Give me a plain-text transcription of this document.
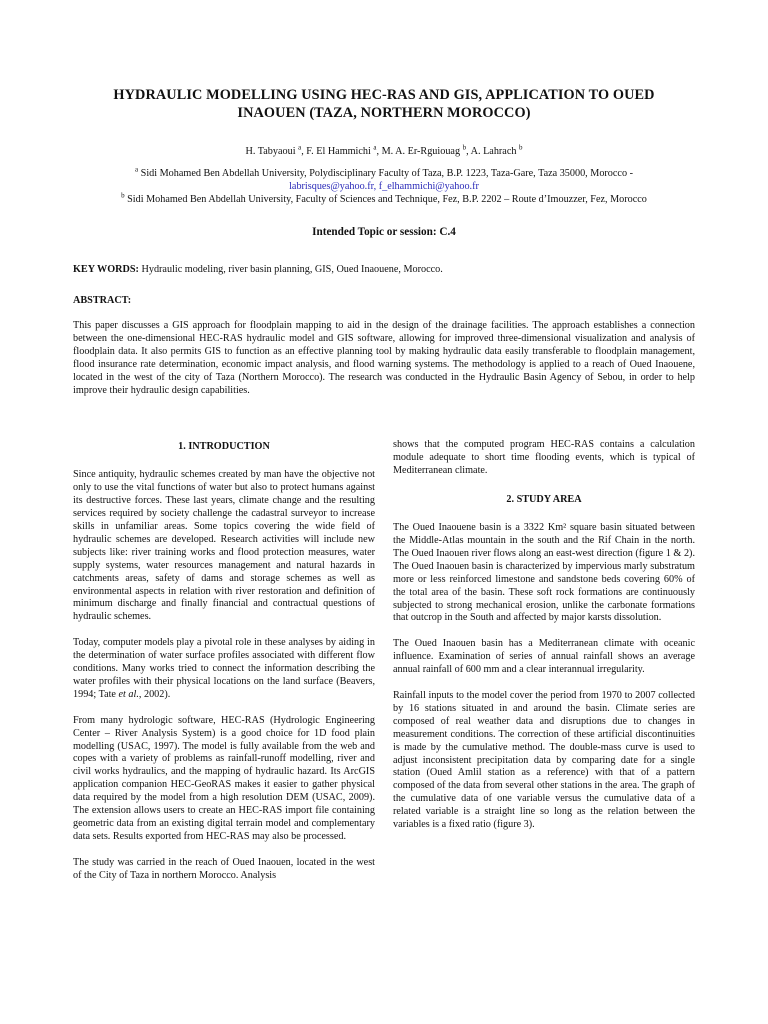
HYDRAULIC MODELLING USING HEC-RAS AND GIS, APPLICATION TO OUED INAOUEN (TAZA, NORTHERN MOROCCO)
H. Tabyaoui $^a$, F. El Hammichi $^a$, M. A. Er-Rguiouag $^b$, A. Lahrach $^b$
$^a$ Sidi Mohamed Ben Abdellah University, Polydisciplinary Faculty of Taza, B.P. 1223, Taza-Gare, Taza 35000, Morocco -
labrisques@yahoo.fr, f_elhammichi@yahoo.fr
$^b$ Sidi Mohamed Ben Abdellah University, Faculty of Sciences and Technique, Fez, B.P. 2202 – Route d’Imouzzer, Fez, Morocco
Intended Topic or session: C.4
KEY WORDS: Hydraulic modeling, river basin planning, GIS, Oued Inaouene, Morocco.
ABSTRACT:
This paper discusses a GIS approach for floodplain mapping to aid in the design of the drainage facilities. The approach establishes a connection between the one-dimensional HEC-RAS hydraulic model and GIS software, allowing for improved three-dimensional visualization and analysis of floodplain data. It also permits GIS to function as an effective planning tool by making hydraulic data easily transferable to floodplain management, flood insurance rate determination, economic impact analysis, and flood warning systems. The methodology is applied to a reach of Oued Inaouene, located in the west of the city of Taza (Northern Morocco). The research was conducted in the Hydraulic Basin Agency of Sebou, in order to help improve their hydraulic design capabilities.
1. INTRODUCTION

Since antiquity, hydraulic schemes created by man have the objective not only to use the vital functions of water but also to protect humans against its destructive forces. These last years, climate change and the resulting services required by society challenge the cadastral surveyor to increase skills in unfamiliar areas. Some topics covering the wide field of hydraulic schemes are developed. Research activities will include new subjects like: river training works and flood protection measures, water supply systems, water resources management and natural hazards in catchments areas, safety of dams and storage schemes as well as environmental aspects in relation with river restoration and definition of minimum discharge and finally financial and contractual questions of hydraulic schemes.

Today, computer models play a pivotal role in these analyses by aiding in the determination of water surface profiles associated with different flow conditions. Many works tried to connect the information describing the water profiles with their physical locations on the land surface (Beavers, 1994; Tate et al., 2002).

From many hydrologic software, HEC-RAS (Hydrologic Engineering Center – River Analysis System) is a good choice for 1D food plain modelling (USAC, 1997). The model is fully available from the web and copes with a variety of problems as rainfall-runoff modelling, river and civil works hydraulics, and the mapping of hydraulic hazard. Its ArcGIS application companion HEC-GeoRAS makes it easier to gather physical data required by the model from a high resolution DEM (USAC, 2009). The extension allows users to create an HEC-RAS import file containing geometric data from an existing digital terrain model and complementary data sets. Results exported from HEC-RAS may also be processed.

The study was carried in the reach of Oued Inaouen, located in the west of the City of Taza in northern Morocco. Analysis

shows that the computed program HEC-RAS contains a calculation module adequate to short time flooding events, which is typical of Mediterranean climate.

2. STUDY AREA

The Oued Inaouene basin is a 3322 Km² square basin situated between the Middle-Atlas mountain in the south and the Rif Chain in the north. The Oued Inaouen river flows along an east-west direction (figure 1 & 2). The Oued Inaouen basin is characterized by impervious marly substratum more or less reinforced limestone and sandstone beds covering 60% of the total area of the basin. These soft rock formations are continuously subjected to strong mechanical erosion, unlike the carbonate formations that outcrop in the South and affected by major karsts dissolution.

The Oued Inaouen basin has a Mediterranean climate with oceanic influence. Examination of series of annual rainfall shows an average annual rainfall of 600 mm and a clear interannual irregularity.

Rainfall inputs to the model cover the period from 1970 to 2007 collected by 16 stations situated in and around the basin. Climate series are composed of real weather data and disruptions due to changes in measurement conditions. The correction of these artificial discontinuities is made by the cumulative method. The double-mass curve is used to adjust inconsistent precipitation data by comparing date for a single station (Oued Amlil station as a reference) with that of a pattern composed of the data from several other stations in the area. The graph of the cumulative data of one variable versus the cumulative data of a related variable is a straight line so long as the relation between the variables is a fixed ratio (figure 3).
